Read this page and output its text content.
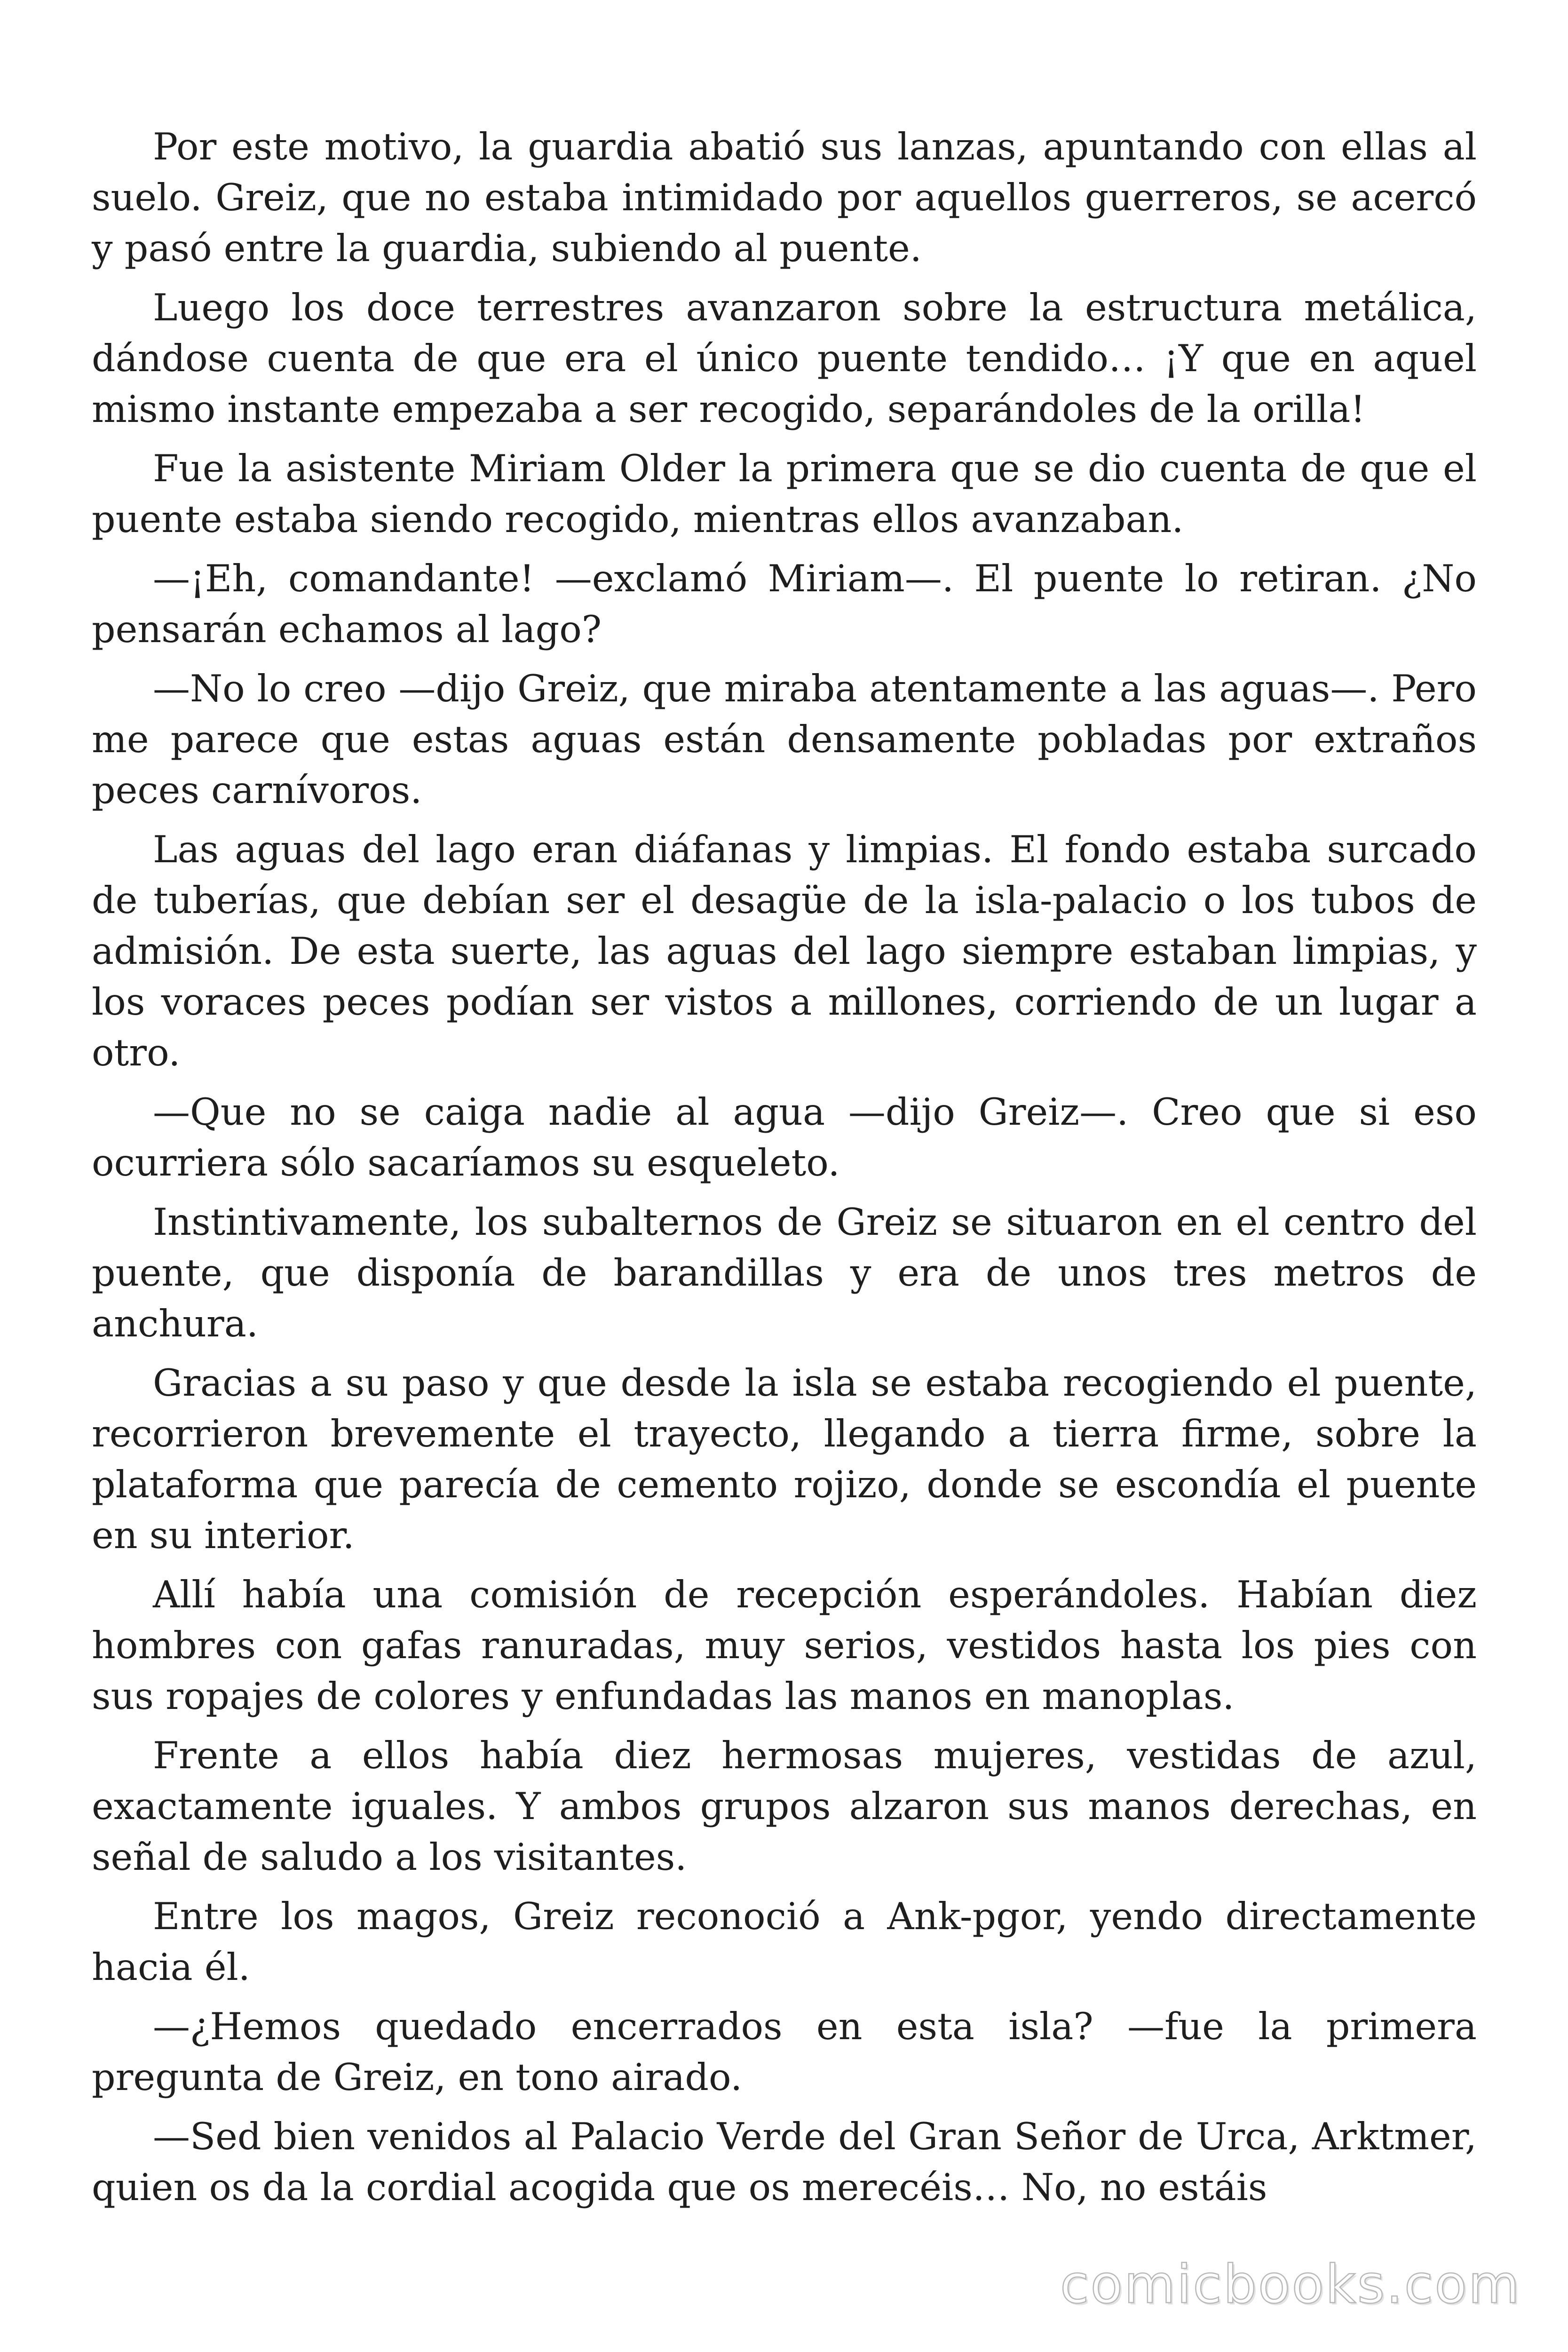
Por este motivo, la guardia abatió sus lanzas, apuntando con ellas al suelo. Greiz, que no estaba intimidado por aquellos guerreros, se acercó y pasó entre la guardia, subiendo al puente.

Luego los doce terrestres avanzaron sobre la estructura metálica, dándose cuenta de que era el único puente tendido… ¡Y que en aquel mismo instante empezaba a ser recogido, separándoles de la orilla!

Fue la asistente Miriam Older la primera que se dio cuenta de que el puente estaba siendo recogido, mientras ellos avanzaban.

—¡Eh, comandante! —exclamó Miriam—. El puente lo retiran. ¿No pensarán echamos al lago?

—No lo creo —dijo Greiz, que miraba atentamente a las aguas—. Pero me parece que estas aguas están densamente pobladas por extraños peces carnívoros.

Las aguas del lago eran diáfanas y limpias. El fondo estaba surcado de tuberías, que debían ser el desagüe de la isla-palacio o los tubos de admisión. De esta suerte, las aguas del lago siempre estaban limpias, y los voraces peces podían ser vistos a millones, corriendo de un lugar a otro.

—Que no se caiga nadie al agua —dijo Greiz—. Creo que si eso ocurriera sólo sacaríamos su esqueleto.

Instintivamente, los subalternos de Greiz se situaron en el centro del puente, que disponía de barandillas y era de unos tres metros de anchura.

Gracias a su paso y que desde la isla se estaba recogiendo el puente, recorrieron brevemente el trayecto, llegando a tierra firme, sobre la plataforma que parecía de cemento rojizo, donde se escondía el puente en su interior.

Allí había una comisión de recepción esperándoles. Habían diez hombres con gafas ranuradas, muy serios, vestidos hasta los pies con sus ropajes de colores y enfundadas las manos en manoplas.

Frente a ellos había diez hermosas mujeres, vestidas de azul, exactamente iguales. Y ambos grupos alzaron sus manos derechas, en señal de saludo a los visitantes.

Entre los magos, Greiz reconoció a Ank-pgor, yendo directamente hacia él.

—¿Hemos quedado encerrados en esta isla? —fue la primera pregunta de Greiz, en tono airado.

—Sed bien venidos al Palacio Verde del Gran Señor de Urca, Arktmer, quien os da la cordial acogida que os merecéis… No, no estáis

comicbooks.com
